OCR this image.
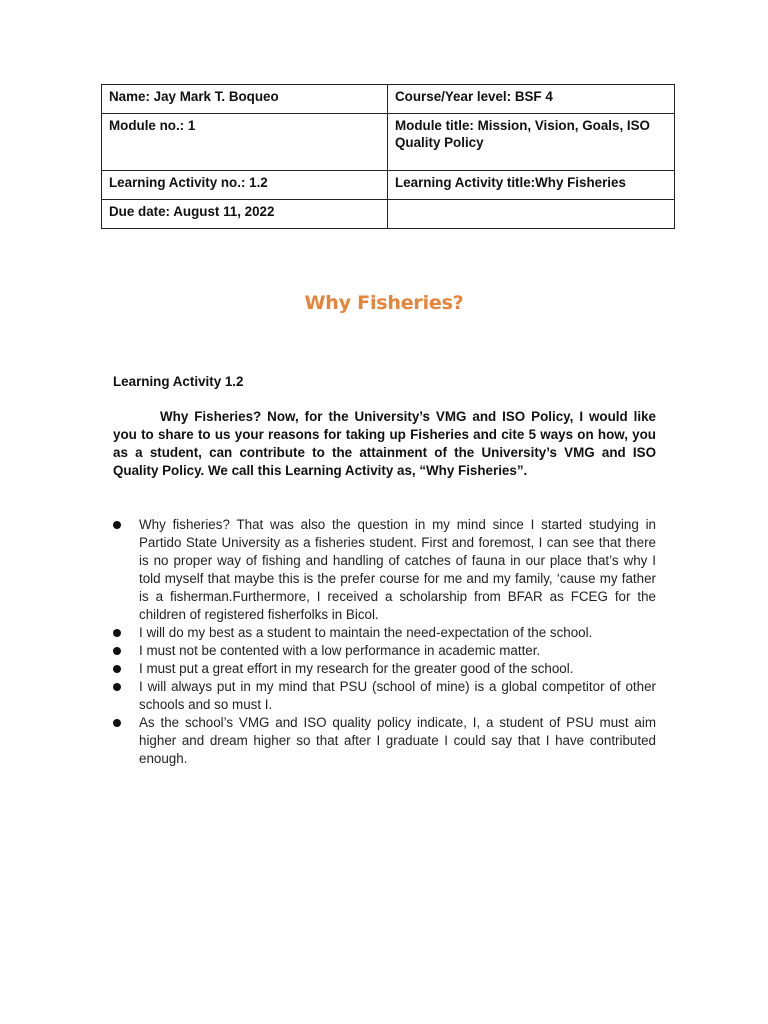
Name: Jay Mark T. Boqueo	Course/Year level: BSF 4
Module no.: 1	Module title: Mission, Vision, Goals, ISO Quality Policy
Learning Activity no.: 1.2	Learning Activity title:Why Fisheries
Due date: August 11, 2022	
Why Fisheries?
Learning Activity 1.2

Why Fisheries? Now, for the University’s VMG and ISO Policy, I would like you to share to us your reasons for taking up Fisheries and cite 5 ways on how, you as a student, can contribute to the attainment of the University’s VMG and ISO Quality Policy. We call this Learning Activity as, “Why Fisheries”.

Why fisheries? That was also the question in my mind since I started studying in Partido State University as a fisheries student. First and foremost, I can see that there is no proper way of fishing and handling of catches of fauna in our place that’s why I told myself that maybe this is the prefer course for me and my family, ‘cause my father is a fisherman.Furthermore, I received a scholarship from BFAR as FCEG for the children of registered fisherfolks in Bicol.
I will do my best as a student to maintain the need-expectation of the school.
I must not be contented with a low performance in academic matter.
I must put a great effort in my research for the greater good of the school.
I will always put in my mind that PSU (school of mine) is a global competitor of other schools and so must I.
As the school’s VMG and ISO quality policy indicate, I, a student of PSU must aim higher and dream higher so that after I graduate I could say that I have contributed enough.
